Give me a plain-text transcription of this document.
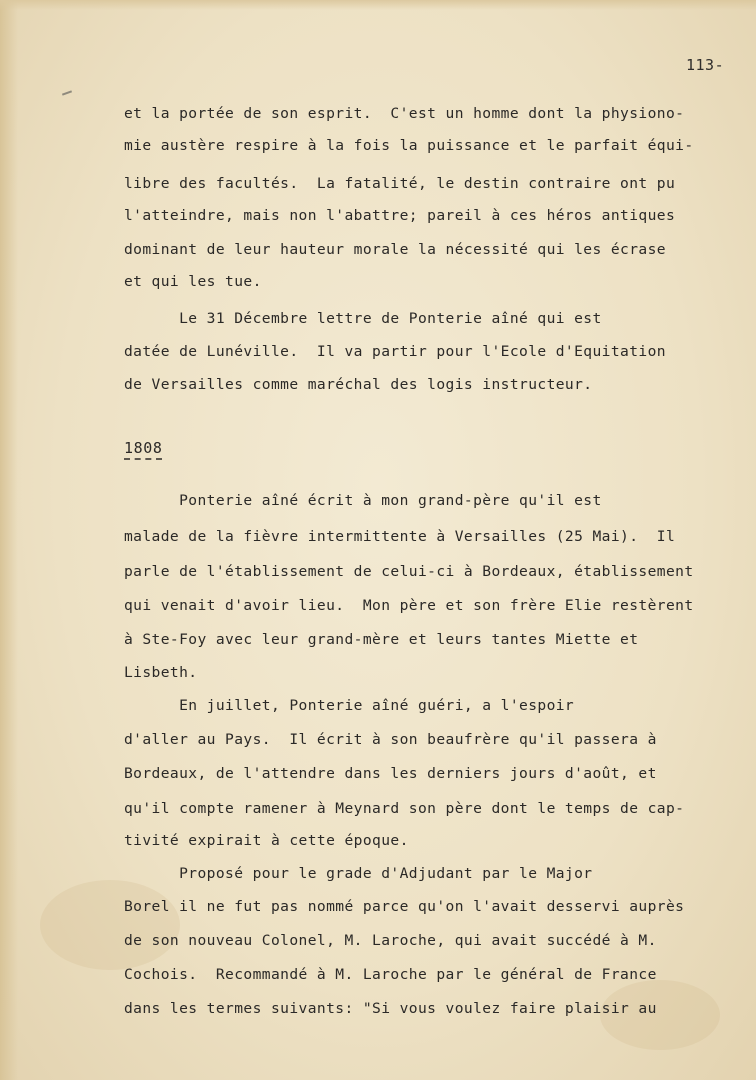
113-
et la portée de son esprit.  C'est un homme dont la physiono-
mie austère respire à la fois la puissance et le parfait équi-
libre des facultés.  La fatalité, le destin contraire ont pu
l'atteindre, mais non l'abattre; pareil à ces héros antiques
dominant de leur hauteur morale la nécessité qui les écrase
et qui les tue.
Le 31 Décembre lettre de Ponterie aîné qui est
datée de Lunéville.  Il va partir pour l'Ecole d'Equitation
de Versailles comme maréchal des logis instructeur.
1808
Ponterie aîné écrit à mon grand-père qu'il est
malade de la fièvre intermittente à Versailles (25 Mai).  Il
parle de l'établissement de celui-ci à Bordeaux, établissement
qui venait d'avoir lieu.  Mon père et son frère Elie restèrent
à Ste-Foy avec leur grand-mère et leurs tantes Miette et
Lisbeth.
En juillet, Ponterie aîné guéri, a l'espoir
d'aller au Pays.  Il écrit à son beaufrère qu'il passera à
Bordeaux, de l'attendre dans les derniers jours d'août, et
qu'il compte ramener à Meynard son père dont le temps de cap-
tivité expirait à cette époque.
Proposé pour le grade d'Adjudant par le Major
Borel il ne fut pas nommé parce qu'on l'avait desservi auprès
de son nouveau Colonel, M. Laroche, qui avait succédé à M.
Cochois.  Recommandé à M. Laroche par le général de France
dans les termes suivants: "Si vous voulez faire plaisir au
